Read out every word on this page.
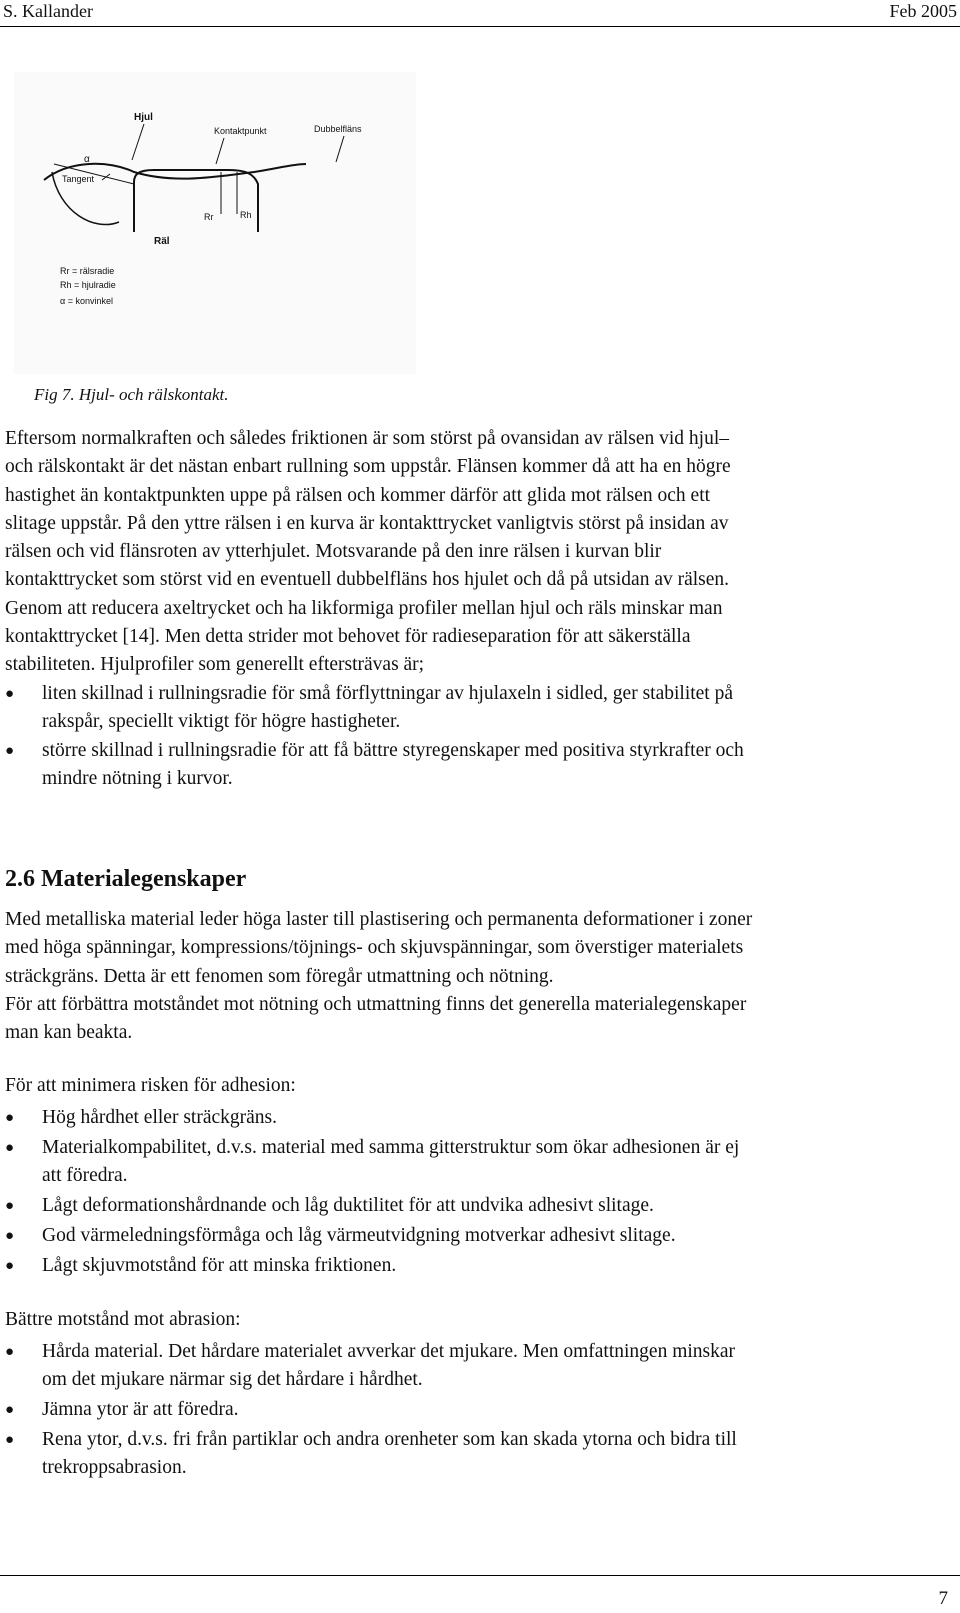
S. Kallander	Feb 2005
Hjul
Kontaktpunkt	Dubbelfläns
α
Tangent
Rr	Rh
Räl
Rr = rälsradie
Rh = hjulradie
α = konvinkel
Fig 7. Hjul- och rälskontakt.
Eftersom normalkraften och således friktionen är som störst på ovansidan av rälsen vid hjul–
och rälskontakt är det nästan enbart rullning som uppstår. Flänsen kommer då att ha en högre
hastighet än kontaktpunkten uppe på rälsen och kommer därför att glida mot rälsen och ett
slitage uppstår. På den yttre rälsen i en kurva är kontakttrycket vanligtvis störst på insidan av
rälsen och vid flänsroten av ytterhjulet. Motsvarande på den inre rälsen i kurvan blir
kontakttrycket som störst vid en eventuell dubbelfläns hos hjulet och då på utsidan av rälsen.
Genom att reducera axeltrycket och ha likformiga profiler mellan hjul och räls minskar man
kontakttrycket [14]. Men detta strider mot behovet för radieseparation för att säkerställa
stabiliteten. Hjulprofiler som generellt eftersträvas är;
● liten skillnad i rullningsradie för små förflyttningar av hjulaxeln i sidled, ger stabilitet på
rakspår, speciellt viktigt för högre hastigheter.
● större skillnad i rullningsradie för att få bättre styregenskaper med positiva styrkrafter och
mindre nötning i kurvor.
2.6 Materialegenskaper
Med metalliska material leder höga laster till plastisering och permanenta deformationer i zoner
med höga spänningar, kompressions/töjnings- och skjuvspänningar, som överstiger materialets
sträckgräns. Detta är ett fenomen som föregår utmattning och nötning.
För att förbättra motståndet mot nötning och utmattning finns det generella materialegenskaper
man kan beakta.
För att minimera risken för adhesion:
● Hög hårdhet eller sträckgräns.
● Materialkompabilitet, d.v.s. material med samma gitterstruktur som ökar adhesionen är ej
att föredra.
● Lågt deformationshårdnande och låg duktilitet för att undvika adhesivt slitage.
● God värmeledningsförmåga och låg värmeutvidgning motverkar adhesivt slitage.
● Lågt skjuvmotstånd för att minska friktionen.
Bättre motstånd mot abrasion:
● Hårda material. Det hårdare materialet avverkar det mjukare. Men omfattningen minskar
om det mjukare närmar sig det hårdare i hårdhet.
● Jämna ytor är att föredra.
● Rena ytor, d.v.s. fri från partiklar och andra orenheter som kan skada ytorna och bidra till
trekroppsabrasion.
7
